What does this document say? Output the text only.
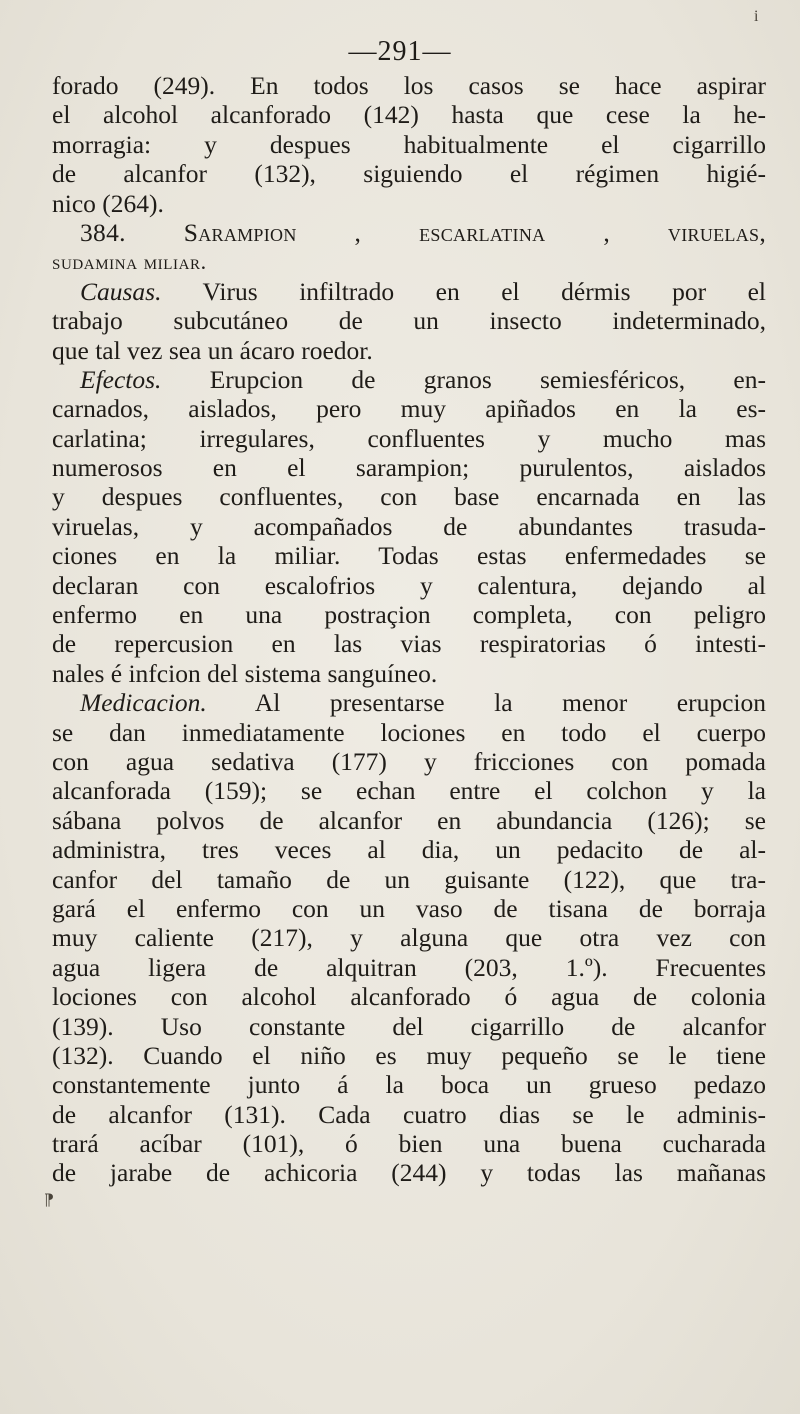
i
⁋
—291—
forado (249). En todos los casos se hace aspirar
el alcohol alcanforado (142) hasta que cese la he-
morragia: y despues habitualmente el cigarrillo
de alcanfor (132), siguiendo el régimen higié-
nico (264).
384. Sarampion , escarlatina , viruelas,
sudamina miliar.
Causas. Virus infiltrado en el dérmis por el
trabajo subcutáneo de un insecto indeterminado,
que tal vez sea un ácaro roedor.
Efectos. Erupcion de granos semiesféricos, en-
carnados, aislados, pero muy apiñados en la es-
carlatina; irregulares, confluentes y mucho mas
numerosos en el sarampion; purulentos, aislados
y despues confluentes, con base encarnada en las
viruelas, y acompañados de abundantes trasuda-
ciones en la miliar. Todas estas enfermedades se
declaran con escalofrios y calentura, dejando al
enfermo en una postraçion completa, con peligro
de repercusion en las vias respiratorias ó intesti-
nales é infcion del sistema sanguíneo.
Medicacion. Al presentarse la menor erupcion
se dan inmediatamente lociones en todo el cuerpo
con agua sedativa (177) y fricciones con pomada
alcanforada (159); se echan entre el colchon y la
sábana polvos de alcanfor en abundancia (126); se
administra, tres veces al dia, un pedacito de al-
canfor del tamaño de un guisante (122), que tra-
gará el enfermo con un vaso de tisana de borraja
muy caliente (217), y alguna que otra vez con
agua ligera de alquitran (203, 1.º). Frecuentes
lociones con alcohol alcanforado ó agua de colonia
(139). Uso constante del cigarrillo de alcanfor
(132). Cuando el niño es muy pequeño se le tiene
constantemente junto á la boca un grueso pedazo
de alcanfor (131). Cada cuatro dias se le adminis-
trará acíbar (101), ó bien una buena cucharada
de jarabe de achicoria (244) y todas las mañanas
